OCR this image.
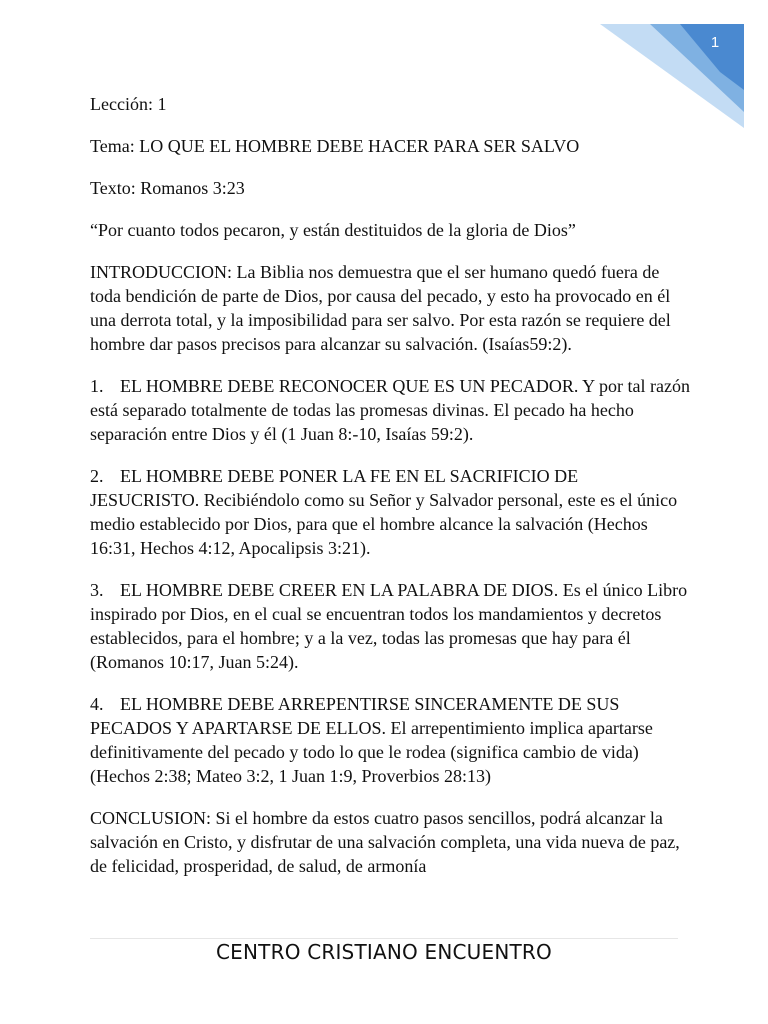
1

Lección: 1

Tema: LO QUE EL HOMBRE DEBE HACER PARA SER SALVO

Texto: Romanos 3:23

“Por cuanto todos pecaron, y están destituidos de la gloria de Dios”

INTRODUCCION: La Biblia nos demuestra que el ser humano quedó fuera de toda bendición de parte de Dios, por causa del pecado, y esto ha provocado en él una derrota total, y la imposibilidad para ser salvo. Por esta razón se requiere del hombre dar pasos precisos para alcanzar su salvación. (Isaías59:2).

1. EL HOMBRE DEBE RECONOCER QUE ES UN PECADOR. Y por tal razón está separado totalmente de todas las promesas divinas. El pecado ha hecho separación entre Dios y él (1 Juan 8:-10, Isaías 59:2).

2. EL HOMBRE DEBE PONER LA FE EN EL SACRIFICIO DE JESUCRISTO. Recibiéndolo como su Señor y Salvador personal, este es el único medio establecido por Dios, para que el hombre alcance la salvación (Hechos 16:31, Hechos 4:12, Apocalipsis 3:21).

3. EL HOMBRE DEBE CREER EN LA PALABRA DE DIOS. Es el único Libro inspirado por Dios, en el cual se encuentran todos los mandamientos y decretos establecidos, para el hombre; y a la vez, todas las promesas que hay para él (Romanos 10:17, Juan 5:24).

4. EL HOMBRE DEBE ARREPENTIRSE SINCERAMENTE DE SUS PECADOS Y APARTARSE DE ELLOS. El arrepentimiento implica apartarse definitivamente del pecado y todo lo que le rodea (significa cambio de vida) (Hechos 2:38; Mateo 3:2, 1 Juan 1:9, Proverbios 28:13)

CONCLUSION: Si el hombre da estos cuatro pasos sencillos, podrá alcanzar la salvación en Cristo, y disfrutar de una salvación completa, una vida nueva de paz, de felicidad, prosperidad, de salud, de armonía

CENTRO CRISTIANO ENCUENTRO
